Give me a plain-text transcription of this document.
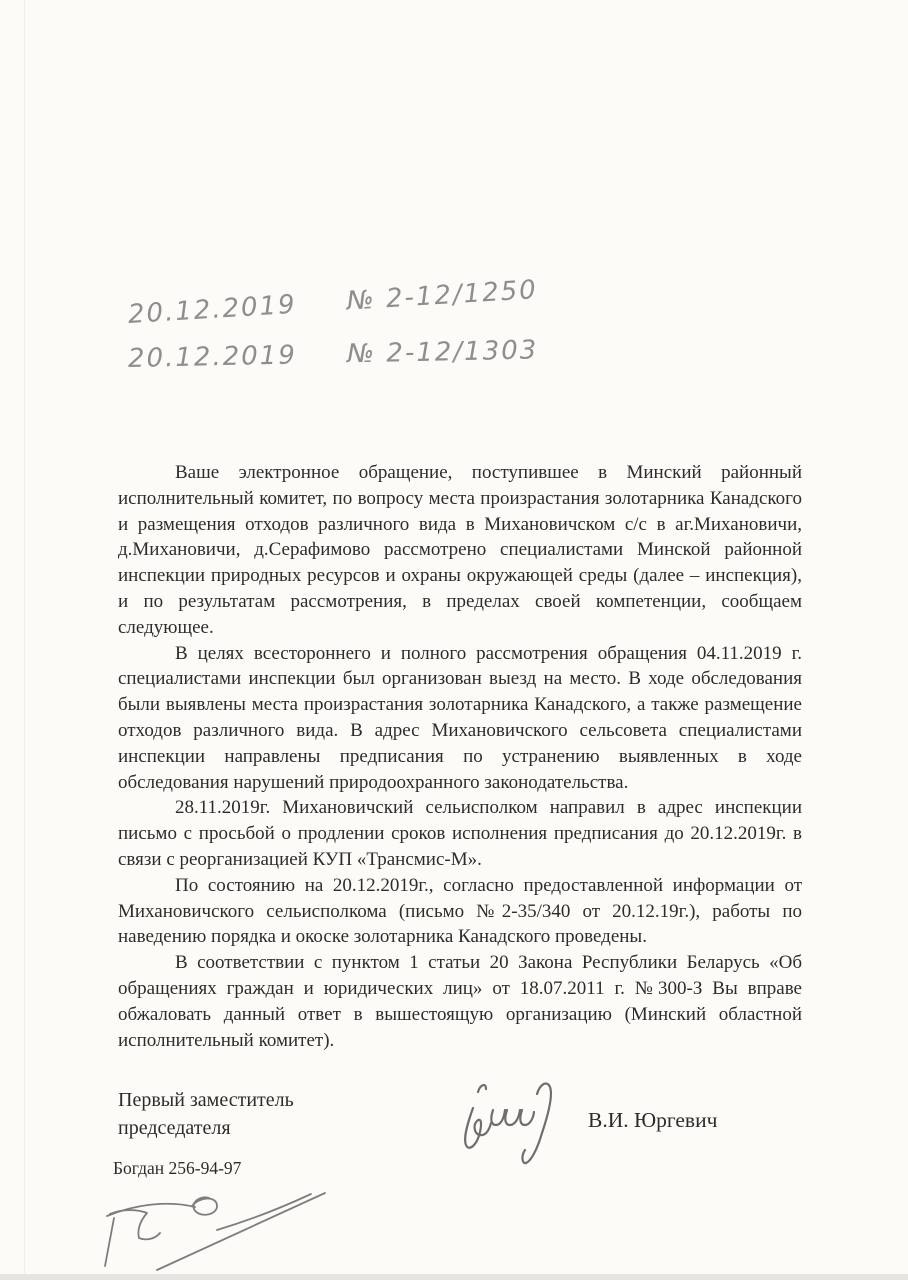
20.12.2019 № 2-12/1250
20.12.2019 № 2-12/1303

Ваше электронное обращение, поступившее в Минский районный исполнительный комитет, по вопросу места произрастания золотарника Канадского и размещения отходов различного вида в Михановичском с/с в аг.Михановичи, д.Михановичи, д.Серафимово рассмотрено специалистами Минской районной инспекции природных ресурсов и охраны окружающей среды (далее – инспекция), и по результатам рассмотрения, в пределах своей компетенции, сообщаем следующее.

В целях всестороннего и полного рассмотрения обращения 04.11.2019 г. специалистами инспекции был организован выезд на место. В ходе обследования были выявлены места произрастания золотарника Канадского, а также размещение отходов различного вида. В адрес Михановичского сельсовета специалистами инспекции направлены предписания по устранению выявленных в ходе обследования нарушений природоохранного законодательства.

28.11.2019г. Михановичский сельисполком направил в адрес инспекции письмо с просьбой о продлении сроков исполнения предписания до 20.12.2019г. в связи с реорганизацией КУП «Трансмис-М».

По состоянию на 20.12.2019г., согласно предоставленной информации от Михановичского сельисполкома (письмо №2-35/340 от 20.12.19г.), работы по наведению порядка и окоске золотарника Канадского проведены.

В соответствии с пунктом 1 статьи 20 Закона Республики Беларусь «Об обращениях граждан и юридических лиц» от 18.07.2011 г. №300-З Вы вправе обжаловать данный ответ в вышестоящую организацию (Минский областной исполнительный комитет).

Первый заместитель
председателя	В.И. Юргевич
Богдан 256-94-97
